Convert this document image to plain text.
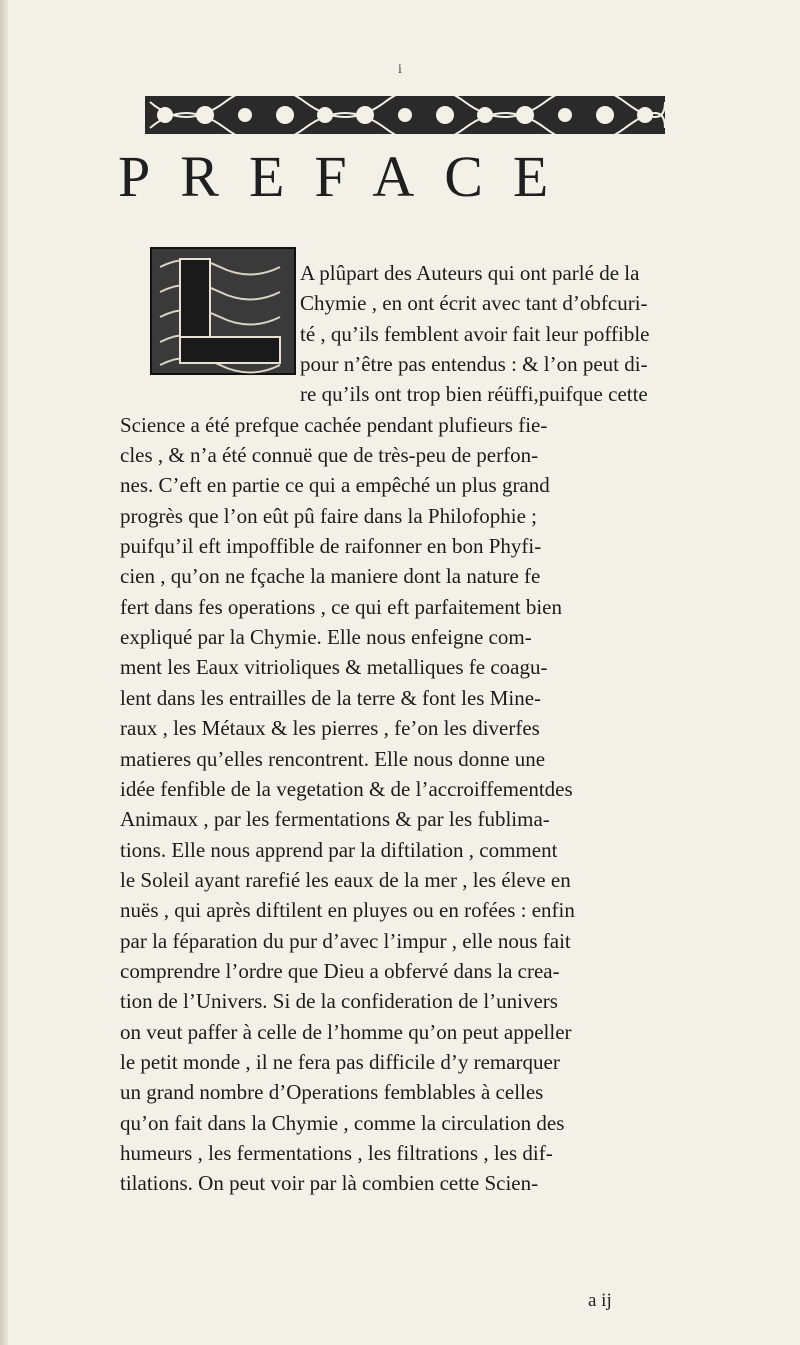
i
PREFACE
A plûpart des Auteurs qui ont parlé de la
Chymie , en ont écrit avec tant d’obfcuri-
té , qu’ils femblent avoir fait leur poffible
pour n’être pas entendus : & l’on peut di-
re qu’ils ont trop bien réüffi,puifque cette
Science a été prefque cachée pendant plufieurs fie-
cles , & n’a été connuë que de très-peu de perfon-
nes. C’eft en partie ce qui a empêché un plus grand
progrès que l’on eût pû faire dans la Philofophie ;
puifqu’il eft impoffible de raifonner en bon Phyfi-
cien , qu’on ne fçache la maniere dont la nature fe
fert dans fes operations , ce qui eft parfaitement bien
expliqué par la Chymie. Elle nous enfeigne com-
ment les Eaux vitrioliques & metalliques fe coagu-
lent dans les entrailles de la terre & font les Mine-
raux , les Métaux & les pierres , fe’on les diverfes
matieres qu’elles rencontrent. Elle nous donne une
idée fenfible de la vegetation & de l’accroiffementdes
Animaux , par les fermentations & par les fublima-
tions. Elle nous apprend par la diftilation , comment
le Soleil ayant rarefié les eaux de la mer , les éleve en
nuës , qui après diftilent en pluyes ou en rofées : enfin
par la féparation du pur d’avec l’impur , elle nous fait
comprendre l’ordre que Dieu a obfervé dans la crea-
tion de l’Univers. Si de la confideration de l’univers
on veut paffer à celle de l’homme qu’on peut appeller
le petit monde , il ne fera pas difficile d’y remarquer
un grand nombre d’Operations femblables à celles
qu’on fait dans la Chymie , comme la circulation des
humeurs , les fermentations , les filtrations , les dif-
tilations. On peut voir par là combien cette Scien-
a ij
